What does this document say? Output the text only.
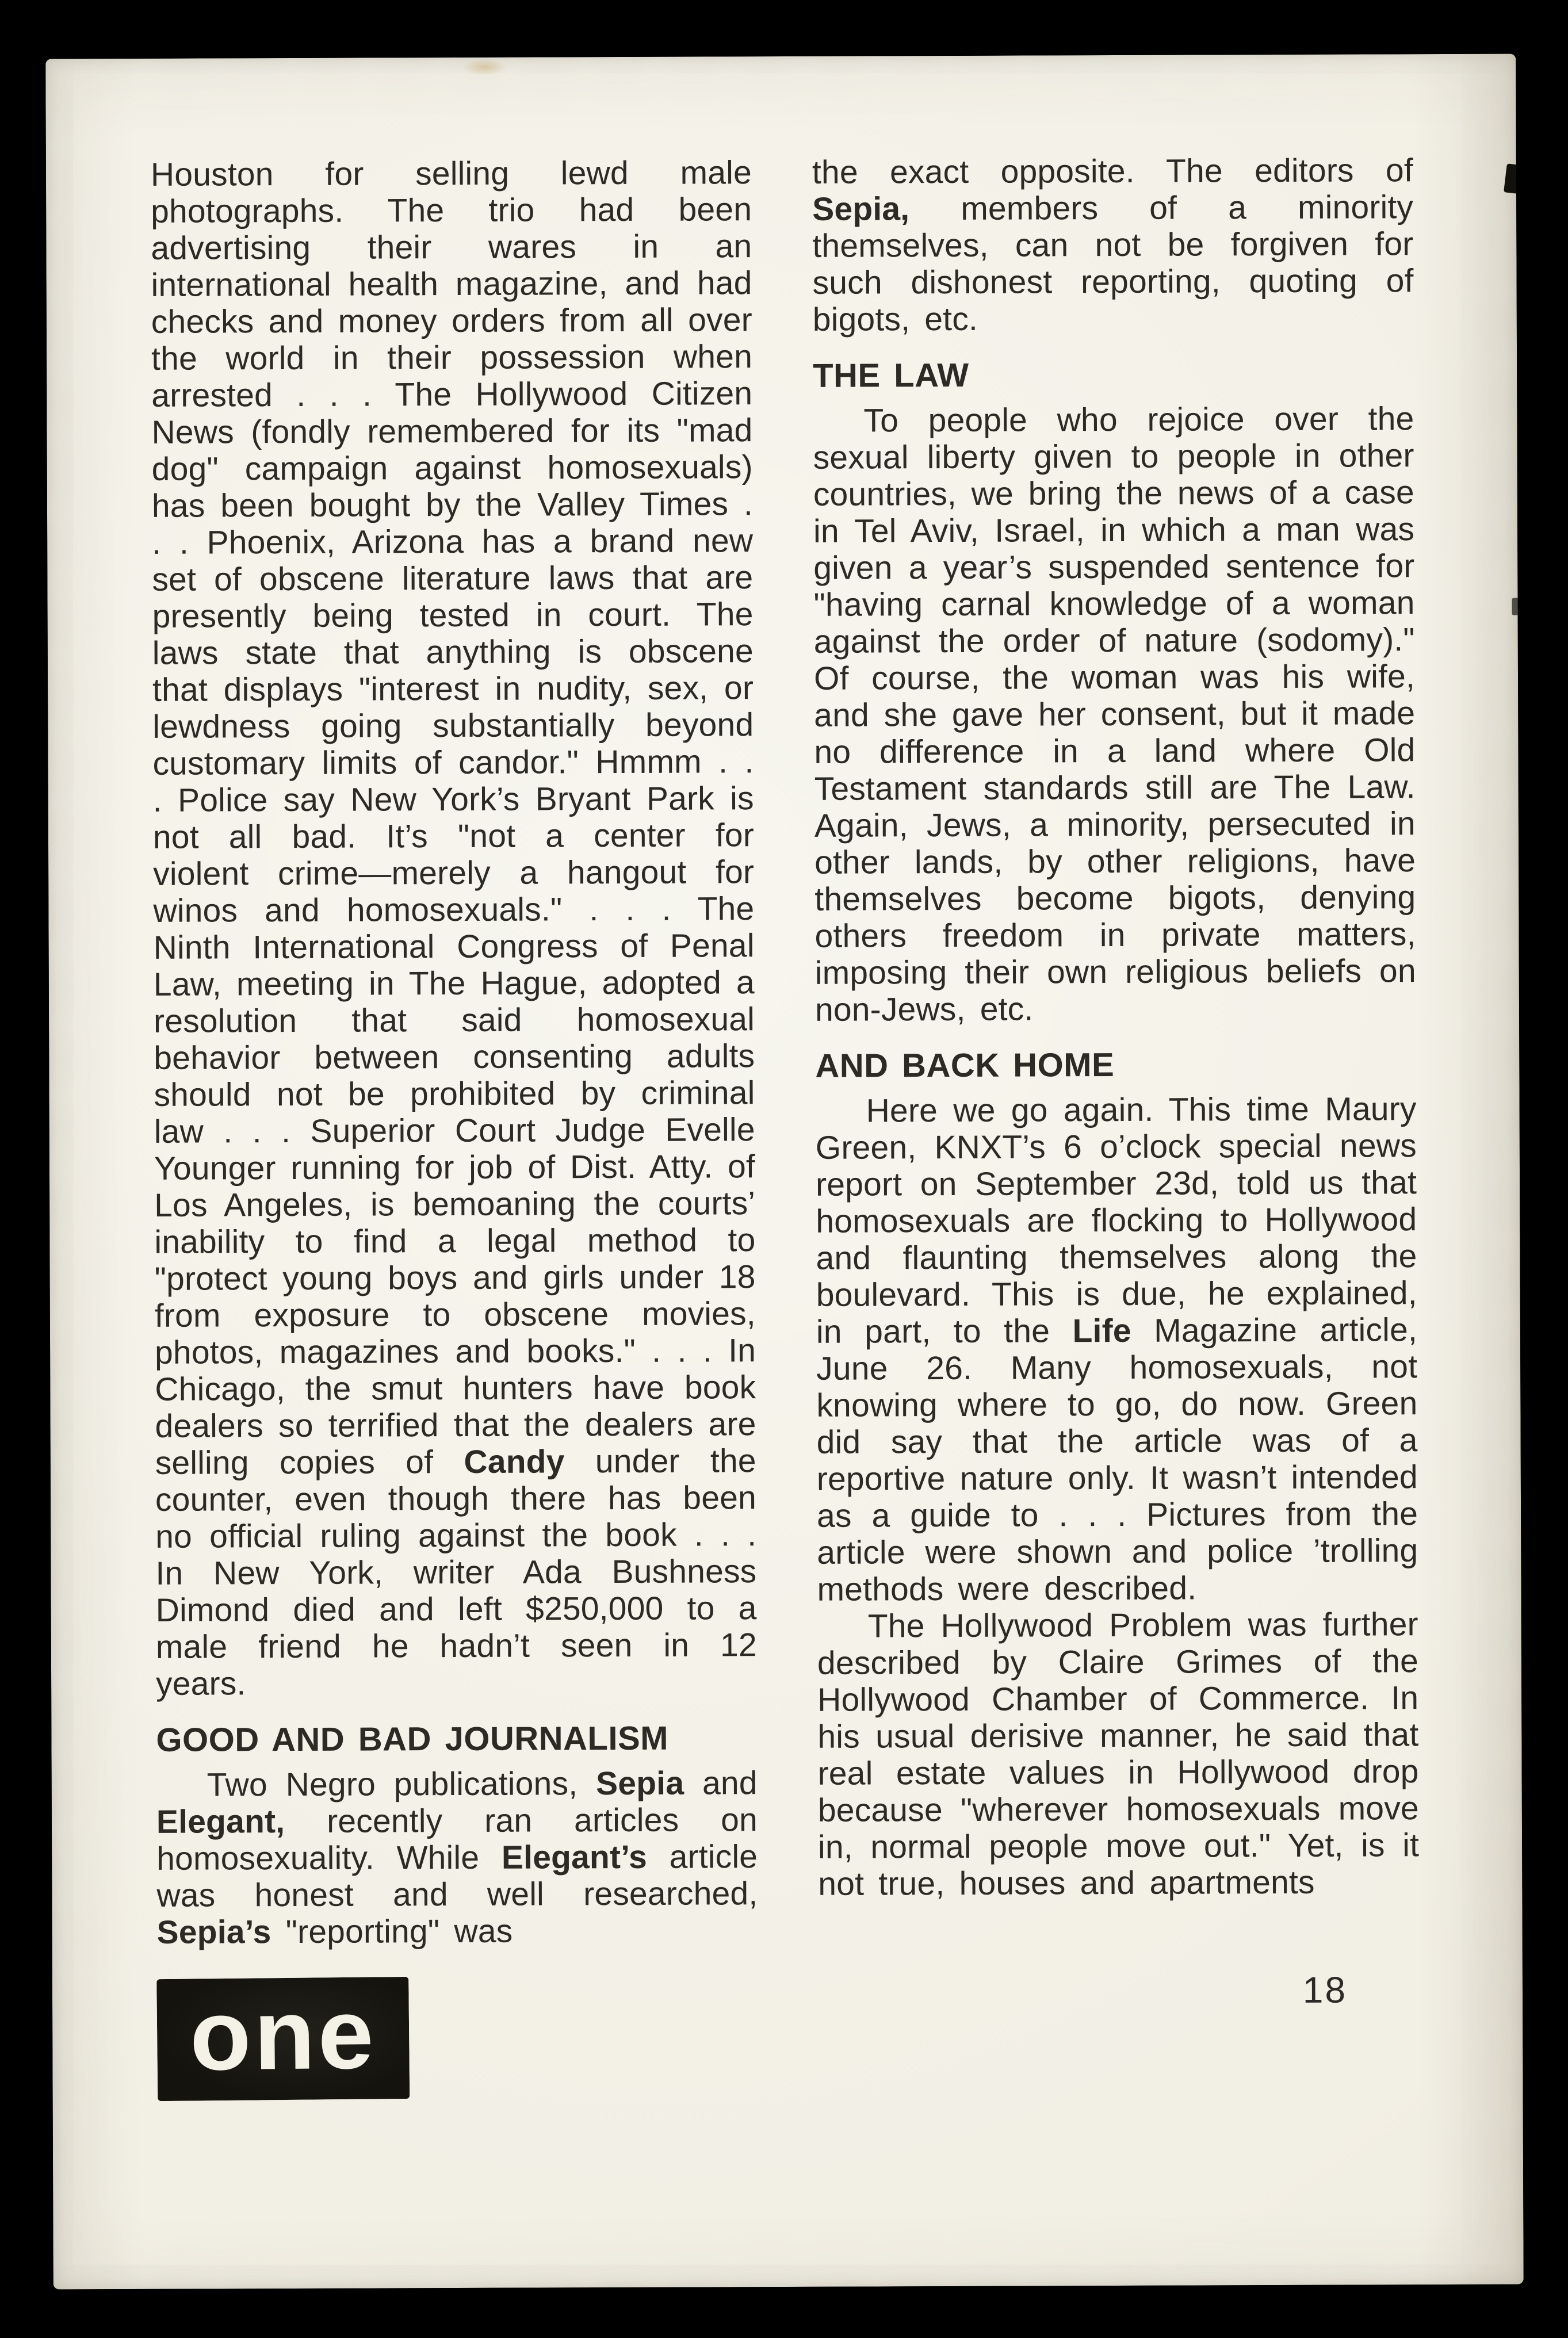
Houston for selling lewd male photographs. The trio had been advertising their wares in an international health magazine, and had checks and money orders from all over the world in their possession when arrested . . . The Hollywood Citizen News (fondly remembered for its "mad dog" campaign against homosexuals) has been bought by the Valley Times . . . Phoenix, Arizona has a brand new set of obscene literature laws that are presently being tested in court. The laws state that anything is obscene that displays "interest in nudity, sex, or lewdness going substantially beyond customary limits of candor." Hmmm . . . Police say New York’s Bryant Park is not all bad. It’s "not a center for violent crime—merely a hangout for winos and homosexuals." . . . The Ninth International Congress of Penal Law, meeting in The Hague, adopted a resolution that said homosexual behavior between consenting adults should not be prohibited by criminal law . . . Superior Court Judge Evelle Younger running for job of Dist. Atty. of Los Angeles, is bemoaning the courts’ inability to find a legal method to "protect young boys and girls under 18 from exposure to obscene movies, photos, magazines and books." . . . In Chicago, the smut hunters have book dealers so terrified that the dealers are selling copies of Candy under the counter, even though there has been no official ruling against the book . . . In New York, writer Ada Bushness Dimond died and left $250,000 to a male friend he hadn’t seen in 12 years.

GOOD AND BAD JOURNALISM

Two Negro publications, Sepia and Elegant, recently ran articles on homosexuality. While Elegant’s article was honest and well researched, Sepia’s "reporting" was

one

the exact opposite. The editors of Sepia, members of a minority themselves, can not be forgiven for such dishonest reporting, quoting of bigots, etc.

THE LAW

To people who rejoice over the sexual liberty given to people in other countries, we bring the news of a case in Tel Aviv, Israel, in which a man was given a year’s suspended sentence for "having carnal knowledge of a woman against the order of nature (sodomy)." Of course, the woman was his wife, and she gave her consent, but it made no difference in a land where Old Testament standards still are The Law. Again, Jews, a minority, persecuted in other lands, by other religions, have themselves become bigots, denying others freedom in private matters, imposing their own religious beliefs on non-Jews, etc.

AND BACK HOME

Here we go again. This time Maury Green, KNXT’s 6 o’clock special news report on September 23d, told us that homosexuals are flocking to Hollywood and flaunting themselves along the boulevard. This is due, he explained, in part, to the Life Magazine article, June 26. Many homosexuals, not knowing where to go, do now. Green did say that the article was of a reportive nature only. It wasn’t intended as a guide to . . . Pictures from the article were shown and police ’trolling methods were described.

The Hollywood Problem was further described by Claire Grimes of the Hollywood Chamber of Commerce. In his usual derisive manner, he said that real estate values in Hollywood drop because "wherever homosexuals move in, normal people move out." Yet, is it not true, houses and apartments

18
